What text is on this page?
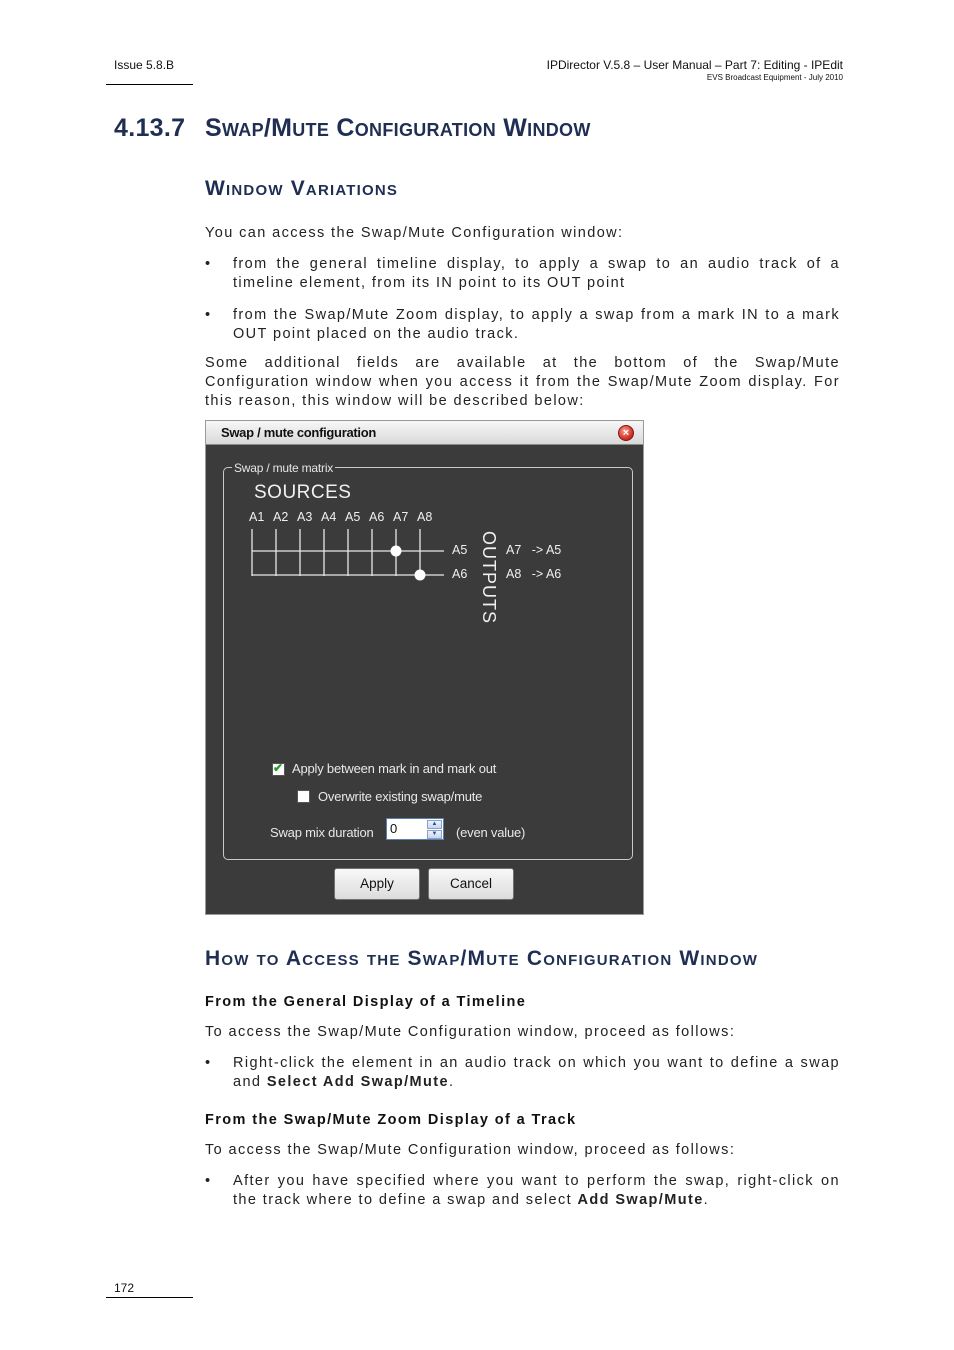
Issue 5.8.B	IPDirector V.5.8 – User Manual – Part 7: Editing - IPEdit
EVS Broadcast Equipment - July 2010
4.13.7 Swap/Mute Configuration Window
Window Variations
You can access the Swap/Mute Configuration window:
• from the general timeline display, to apply a swap to an audio track of a timeline element, from its IN point to its OUT point
• from the Swap/Mute Zoom display, to apply a swap from a mark IN to a mark OUT point placed on the audio track.
Some additional fields are available at the bottom of the Swap/Mute Configuration window when you access it from the Swap/Mute Zoom display. For this reason, this window will be described below:
Swap / mute configuration	×
Swap / mute matrix
SOURCES
A1 A2 A3 A4 A5 A6 A7 A8
A5	A7   -> A5
A6	A8   -> A6
OUTPUTS
✔
Apply between mark in and mark out
Overwrite existing swap/mute
Swap mix duration 0	▲
▼	(even value)
Apply	Cancel
How to Access the Swap/Mute Configuration Window
From the General Display of a Timeline
To access the Swap/Mute Configuration window, proceed as follows:
• Right-click the element in an audio track on which you want to define a swap and Select Add Swap/Mute.
From the Swap/Mute Zoom Display of a Track
To access the Swap/Mute Configuration window, proceed as follows:
• After you have specified where you want to perform the swap, right-click on the track where to define a swap and select Add Swap/Mute.
172
